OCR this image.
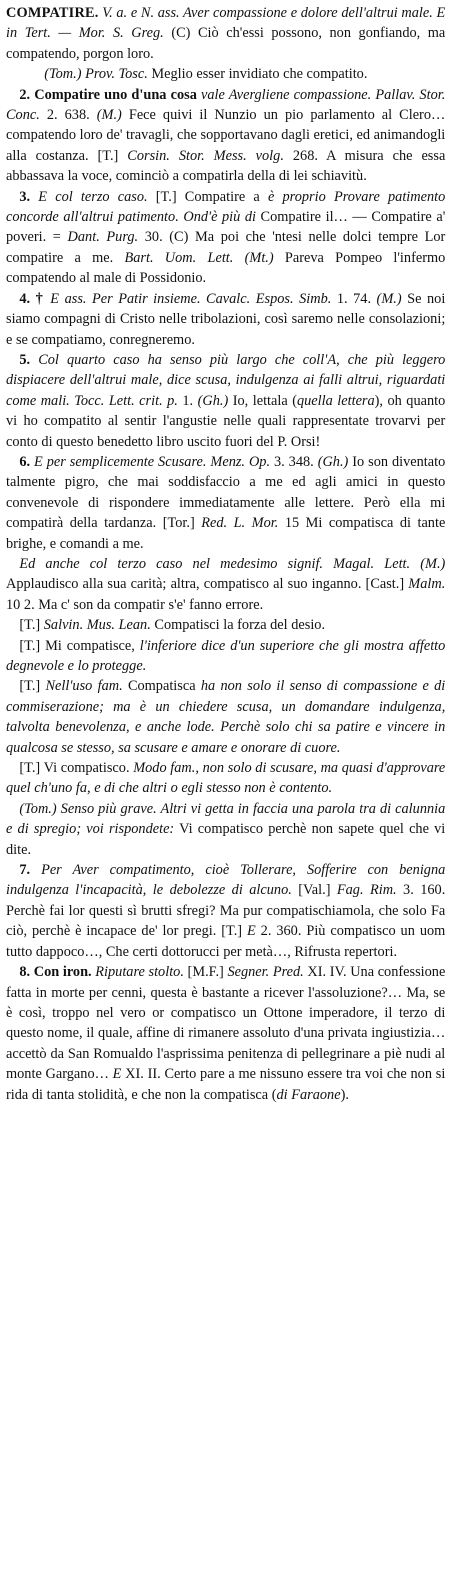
COMPATIRE. V. a. e N. ass. Aver compassione e dolore dell'altrui male. E in Tert. — Mor. S. Greg. (C) Ciò ch'essi possono, non gonfiando, ma compatendo, porgon loro.

(Tom.) Prov. Tosc. Meglio esser invidiato che compatito.

2. Compatire uno d'una cosa vale Avergliene compassione. Pallav. Stor. Conc. 2. 638. (M.) Fece quivi il Nunzio un pio parlamento al Clero… compatendo loro de' travagli, che sopportavano dagli eretici, ed animandogli alla costanza. [T.] Corsin. Stor. Mess. volg. 268. A misura che essa abbassava la voce, cominciò a compatirla della di lei schiavitù.

3. E col terzo caso. [T.] Compatire a è proprio Provare patimento concorde all'altrui patimento. Ond'è più di Compatire il… — Compatire a' poveri. = Dant. Purg. 30. (C) Ma poi che 'ntesi nelle dolci tempre Lor compatire a me. Bart. Uom. Lett. (Mt.) Pareva Pompeo l'infermo compatendo al male di Possidonio.

4. † E ass. Per Patir insieme. Cavalc. Espos. Simb. 1. 74. (M.) Se noi siamo compagni di Cristo nelle tribolazioni, così saremo nelle consolazioni; e se compatiamo, conregneremo.

5. Col quarto caso ha senso più largo che coll'A, che più leggero dispiacere dell'altrui male, dice scusa, indulgenza ai falli altrui, riguardati come mali. Tocc. Lett. crit. p. 1. (Gh.) Io, lettala (quella lettera), oh quanto vi ho compatito al sentir l'angustie nelle quali rappresentate trovarvi per conto di questo benedetto libro uscito fuori del P. Orsi!

6. E per semplicemente Scusare. Menz. Op. 3. 348. (Gh.) Io son diventato talmente pigro, che mai soddisfaccio a me ed agli amici in questo convenevole di rispondere immediatamente alle lettere. Però ella mi compatirà della tardanza. [Tor.] Red. L. Mor. 15 Mi compatisca di tante brighe, e comandi a me.

Ed anche col terzo caso nel medesimo signif. Magal. Lett. (M.) Applaudisco alla sua carità; altra, compatisco al suo inganno. [Cast.] Malm. 10 2. Ma c' son da compatir s'e' fanno errore.

[T.] Salvin. Mus. Lean. Compatisci la forza del desio.

[T.] Mi compatisce, l'inferiore dice d'un superiore che gli mostra affetto degnevole e lo protegge.

[T.] Nell'uso fam. Compatisca ha non solo il senso di compassione e di commiserazione; ma è un chiedere scusa, un domandare indulgenza, talvolta benevolenza, e anche lode. Perchè solo chi sa patire e vincere in qualcosa se stesso, sa scusare e amare e onorare di cuore.

[T.] Vi compatisco. Modo fam., non solo di scusare, ma quasi d'approvare quel ch'uno fa, e di che altri o egli stesso non è contento.

(Tom.) Senso più grave. Altri vi getta in faccia una parola tra di calunnia e di spregio; voi rispondete: Vi compatisco perchè non sapete quel che vi dite.

7. Per Aver compatimento, cioè Tollerare, Sofferire con benigna indulgenza l'incapacità, le debolezze di alcuno. [Val.] Fag. Rim. 3. 160. Perchè fai lor questi sì brutti sfregi? Ma pur compatischiamola, che solo Fa ciò, perchè è incapace de' lor pregi. [T.] E 2. 360. Più compatisco un uom tutto dappoco…, Che certi dottorucci per metà…, Rifrusta repertori.

8. Con iron. Riputare stolto. [M.F.] Segner. Pred. XI. IV. Una confessione fatta in morte per cenni, questa è bastante a ricever l'assoluzione?… Ma, se è così, troppo nel vero or compatisco un Ottone imperadore, il terzo di questo nome, il quale, affine di rimanere assoluto d'una privata ingiustizia… accettò da San Romualdo l'asprissima penitenza di pellegrinare a piè nudi al monte Gargano… E XI. II. Certo pare a me nissuno essere tra voi che non si rida di tanta stolidità, e che non la compatisca (di Faraone).
